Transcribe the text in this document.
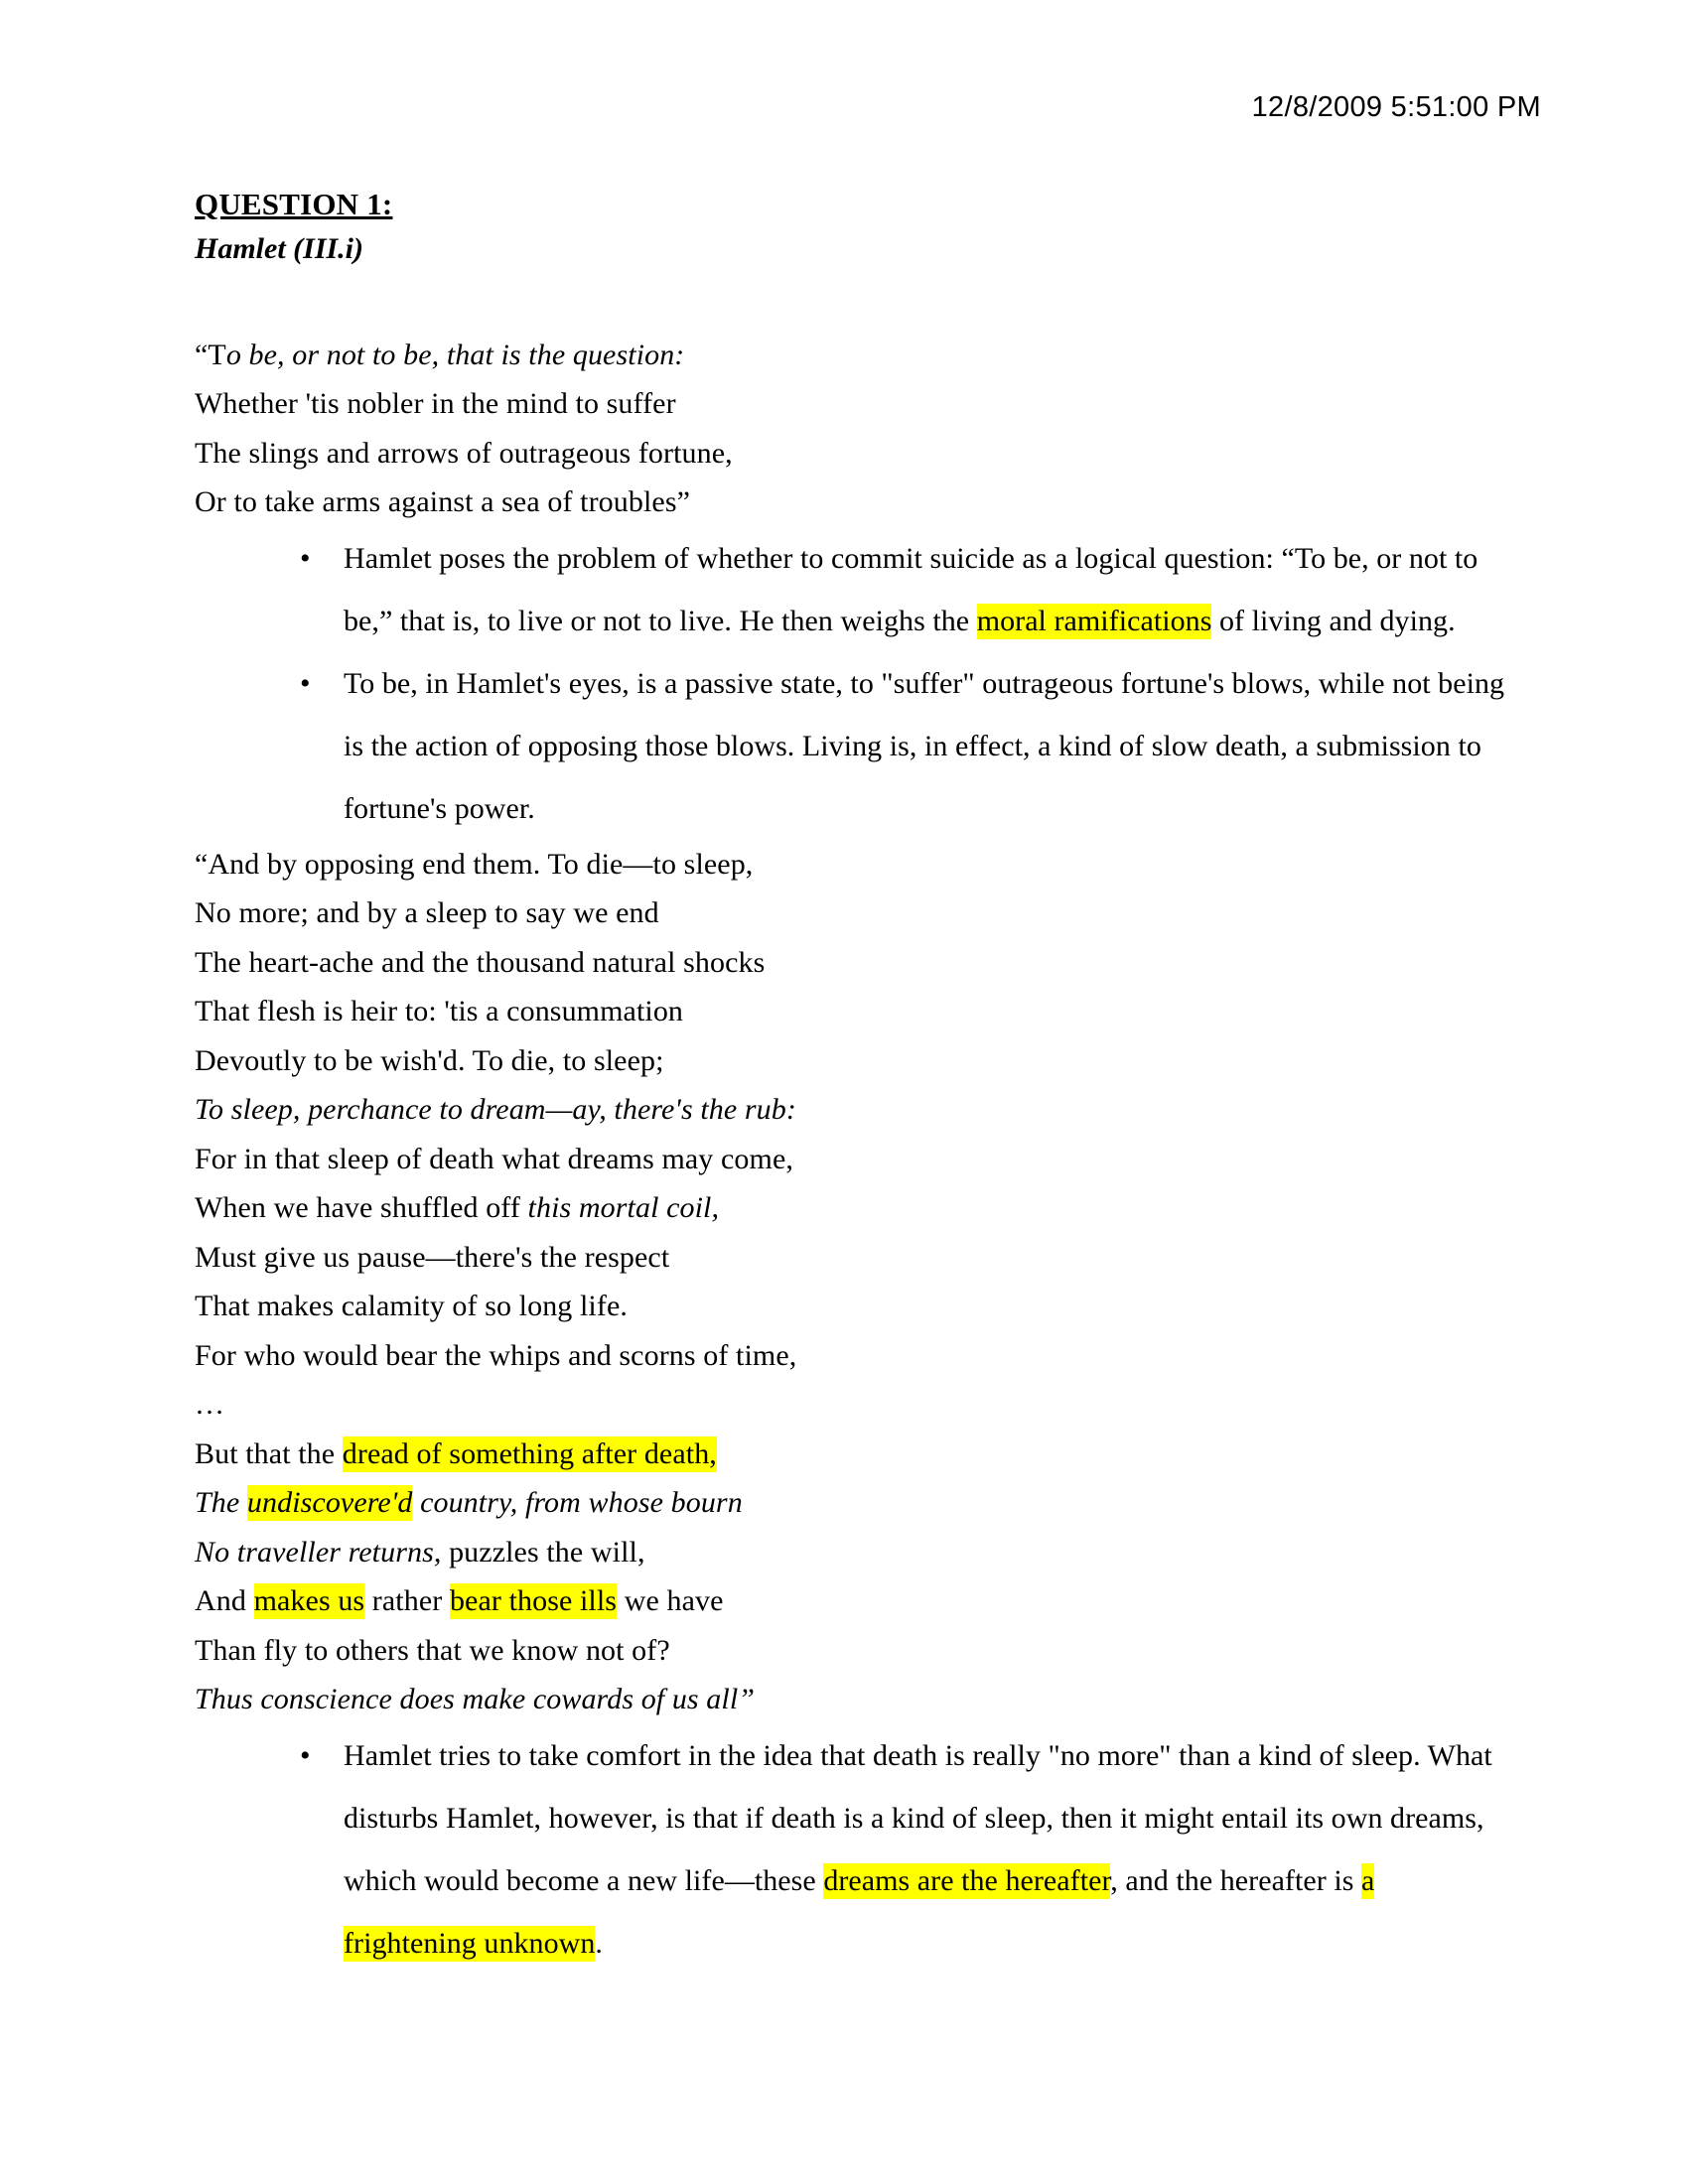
12/8/2009 5:51:00 PM
QUESTION 1:
Hamlet (III.i)
“To be, or not to be, that is the question:
Whether 'tis nobler in the mind to suffer
The slings and arrows of outrageous fortune,
Or to take arms against a sea of troubles”
• Hamlet poses the problem of whether to commit suicide as a logical question: “To be, or not to be,” that is, to live or not to live. He then weighs the moral ramifications of living and dying.
• To be, in Hamlet's eyes, is a passive state, to "suffer" outrageous fortune's blows, while not being is the action of opposing those blows. Living is, in effect, a kind of slow death, a submission to fortune's power.
“And by opposing end them. To die—to sleep,
No more; and by a sleep to say we end
The heart-ache and the thousand natural shocks
That flesh is heir to: 'tis a consummation
Devoutly to be wish'd. To die, to sleep;
To sleep, perchance to dream—ay, there's the rub:
For in that sleep of death what dreams may come,
When we have shuffled off this mortal coil,
Must give us pause—there's the respect
That makes calamity of so long life.
For who would bear the whips and scorns of time,
…
But that the dread of something after death,
The undiscovere'd country, from whose bourn
No traveller returns, puzzles the will,
And makes us rather bear those ills we have
Than fly to others that we know not of?
Thus conscience does make cowards of us all”
• Hamlet tries to take comfort in the idea that death is really "no more" than a kind of sleep. What disturbs Hamlet, however, is that if death is a kind of sleep, then it might entail its own dreams, which would become a new life—these dreams are the hereafter, and the hereafter is a frightening unknown.
